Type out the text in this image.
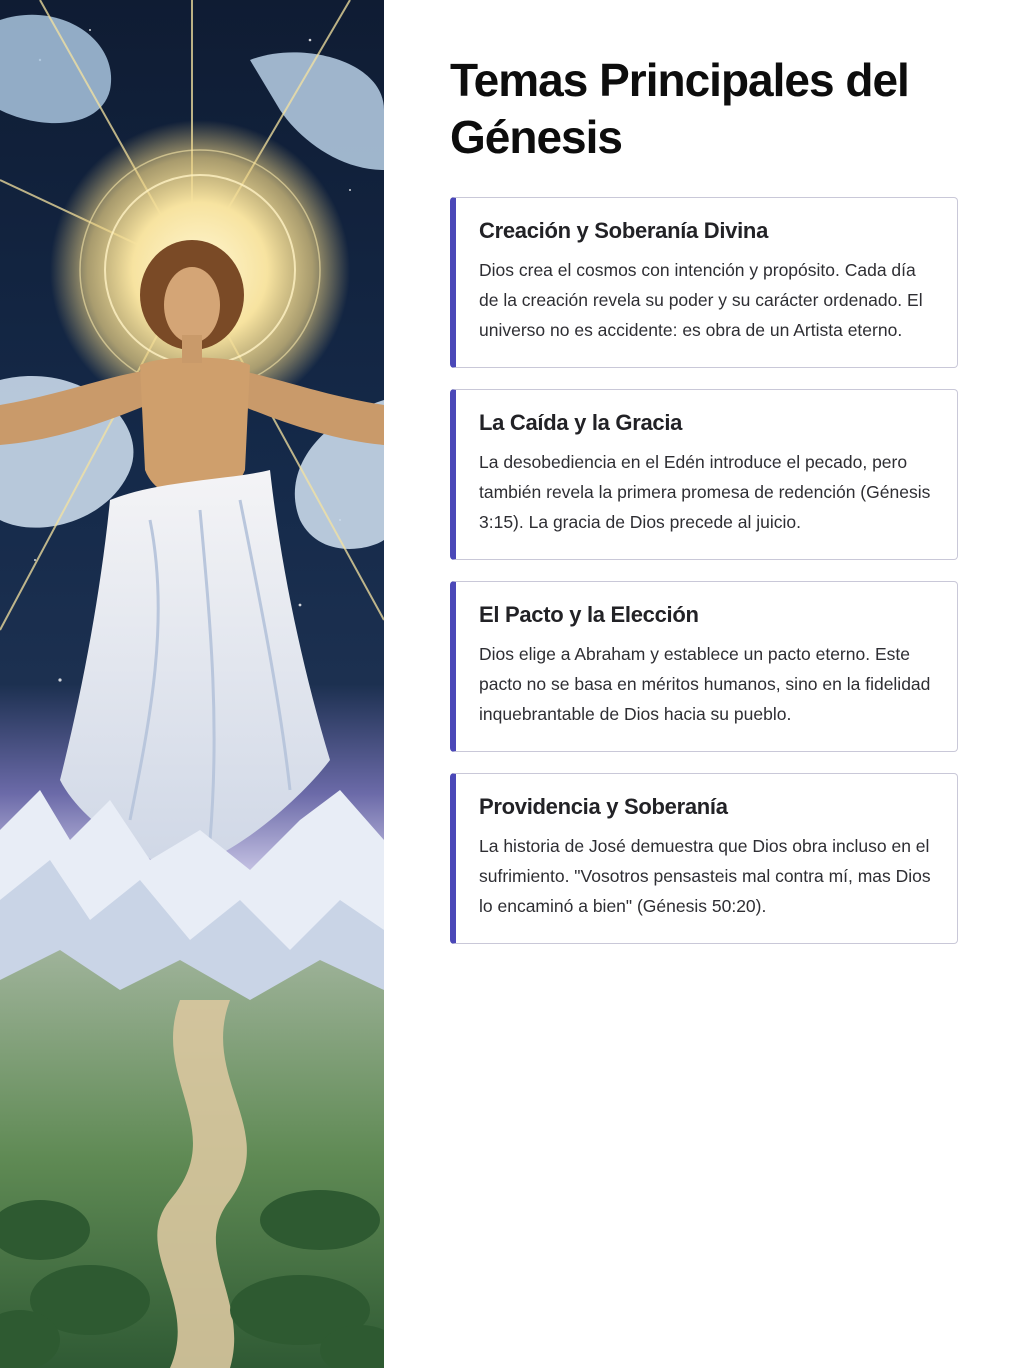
Temas Principales del Génesis
Creación y Soberanía Divina

Dios crea el cosmos con intención y propósito. Cada día de la creación revela su poder y su carácter ordenado. El universo no es accidente: es obra de un Artista eterno.

La Caída y la Gracia

La desobediencia en el Edén introduce el pecado, pero también revela la primera promesa de redención (Génesis 3:15). La gracia de Dios precede al juicio.

El Pacto y la Elección

Dios elige a Abraham y establece un pacto eterno. Este pacto no se basa en méritos humanos, sino en la fidelidad inquebrantable de Dios hacia su pueblo.

Providencia y Soberanía

La historia de José demuestra que Dios obra incluso en el sufrimiento. "Vosotros pensasteis mal contra mí, mas Dios lo encaminó a bien" (Génesis 50:20).
